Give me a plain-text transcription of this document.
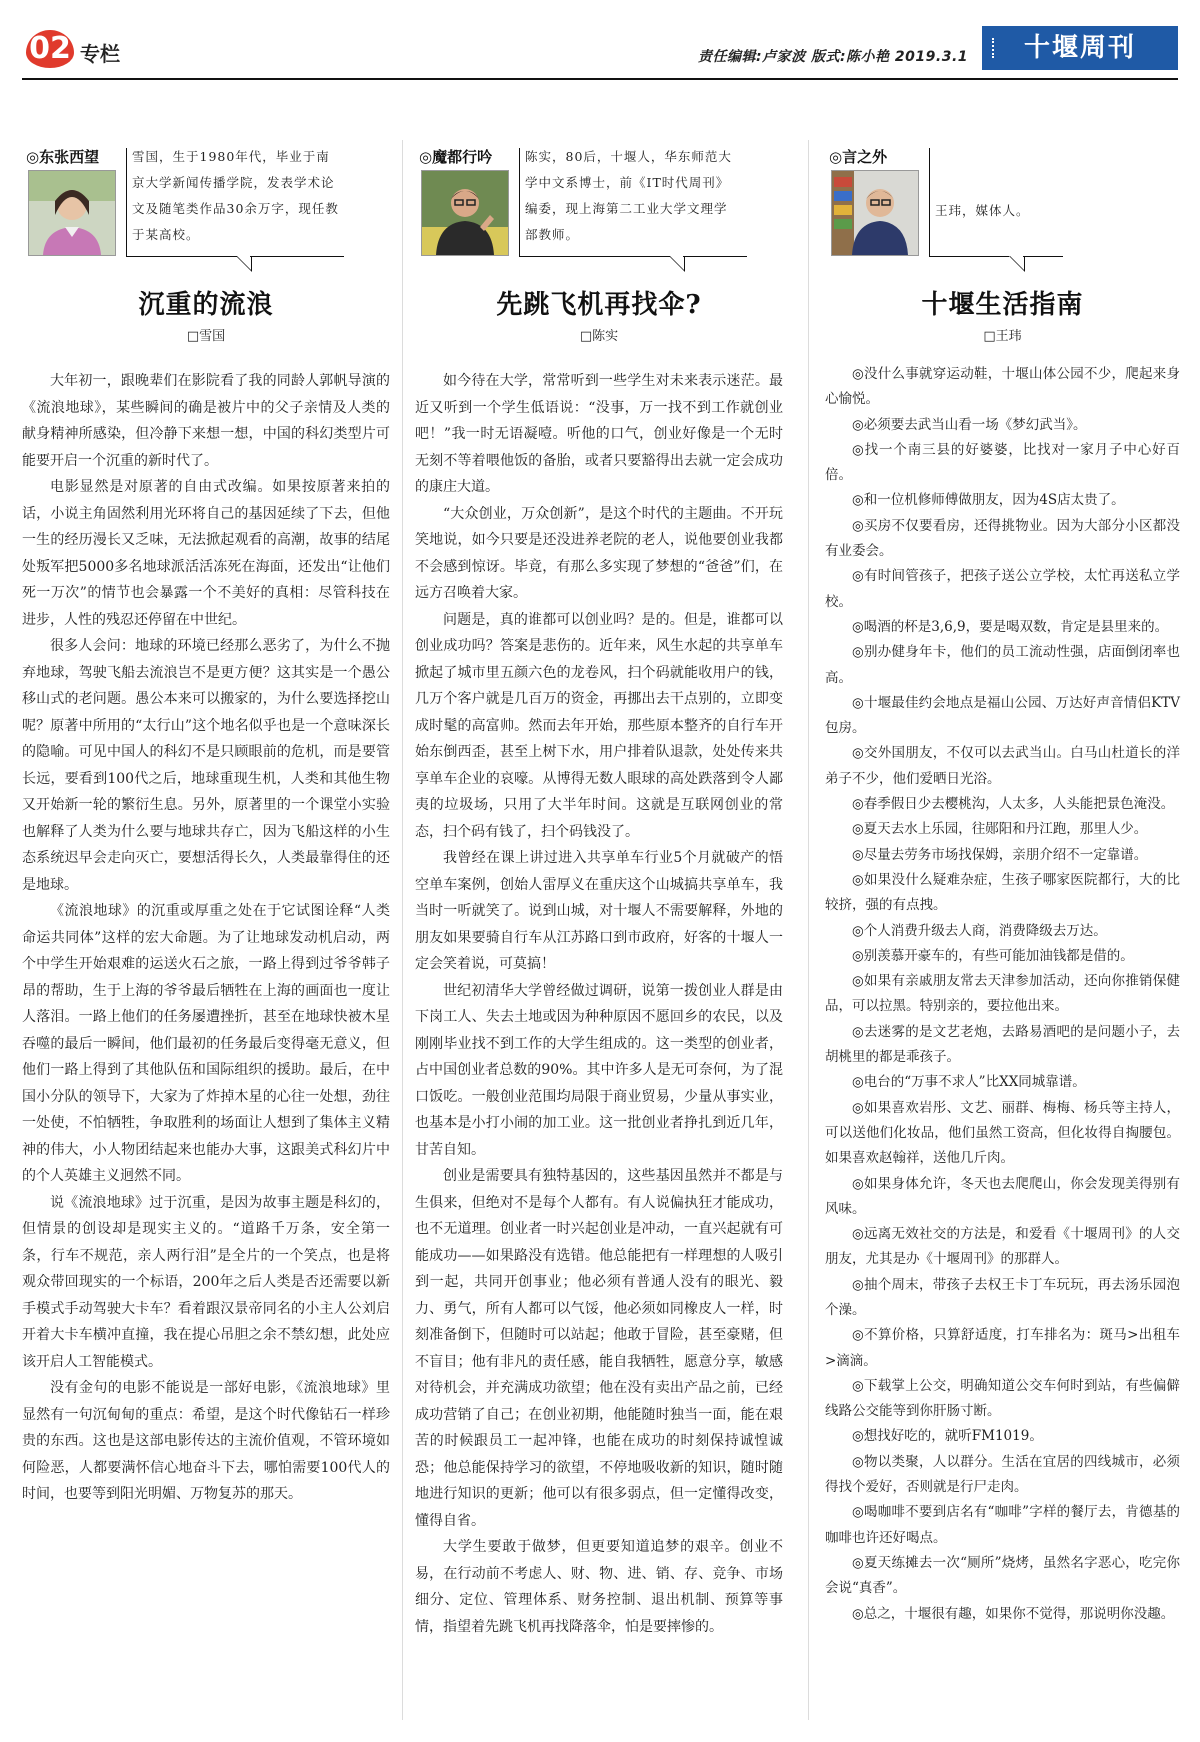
02 专栏	责任编辑:卢家波 版式:陈小艳 2019.3.1	十堰周刊
◎东张西望	雪国，生于1980年代，毕业于南京大学新闻传播学院，发表学术论文及随笔类作品30余万字，现任教于某高校。
沉重的流浪
□雪国

大年初一，跟晚辈们在影院看了我的同龄人郭帆导演的《流浪地球》，某些瞬间的确是被片中的父子亲情及人类的献身精神所感染，但冷静下来想一想，中国的科幻类型片可能要开启一个沉重的新时代了。

电影显然是对原著的自由式改编。如果按原著来拍的话，小说主角固然利用光环将自己的基因延续了下去，但他一生的经历漫长又乏味，无法掀起观看的高潮，故事的结尾处叛军把5000多名地球派活活冻死在海面，还发出“让他们死一万次”的情节也会暴露一个不美好的真相：尽管科技在进步，人性的残忍还停留在中世纪。

很多人会问：地球的环境已经那么恶劣了，为什么不抛弃地球，驾驶飞船去流浪岂不是更方便？这其实是一个愚公移山式的老问题。愚公本来可以搬家的，为什么要选择挖山呢？原著中所用的“太行山”这个地名似乎也是一个意味深长的隐喻。可见中国人的科幻不是只顾眼前的危机，而是要管长远，要看到100代之后，地球重现生机，人类和其他生物又开始新一轮的繁衍生息。另外，原著里的一个课堂小实验也解释了人类为什么要与地球共存亡，因为飞船这样的小生态系统迟早会走向灭亡，要想活得长久，人类最靠得住的还是地球。

《流浪地球》的沉重或厚重之处在于它试图诠释“人类命运共同体”这样的宏大命题。为了让地球发动机启动，两个中学生开始艰难的运送火石之旅，一路上得到过爷爷韩子昂的帮助，生于上海的爷爷最后牺牲在上海的画面也一度让人落泪。一路上他们的任务屡遭挫折，甚至在地球快被木星吞噬的最后一瞬间，他们最初的任务最后变得毫无意义，但他们一路上得到了其他队伍和国际组织的援助。最后，在中国小分队的领导下，大家为了炸掉木星的心往一处想，劲往一处使，不怕牺牲，争取胜利的场面让人想到了集体主义精神的伟大，小人物团结起来也能办大事，这跟美式科幻片中的个人英雄主义迥然不同。

说《流浪地球》过于沉重，是因为故事主题是科幻的，但情景的创设却是现实主义的。“道路千万条，安全第一条，行车不规范，亲人两行泪”是全片的一个笑点，也是将观众带回现实的一个标语，200年之后人类是否还需要以新手模式手动驾驶大卡车？看着跟汉景帝同名的小主人公刘启开着大卡车横冲直撞，我在提心吊胆之余不禁幻想，此处应该开启人工智能模式。

没有金句的电影不能说是一部好电影，《流浪地球》里显然有一句沉甸甸的重点：希望，是这个时代像钻石一样珍贵的东西。这也是这部电影传达的主流价值观，不管环境如何险恶，人都要满怀信心地奋斗下去，哪怕需要100代人的时间，也要等到阳光明媚、万物复苏的那天。

◎魔都行吟	陈实，80后，十堰人，华东师范大学中文系博士，前《IT时代周刊》编委，现上海第二工业大学文理学部教师。
先跳飞机再找伞?
□陈实

如今待在大学，常常听到一些学生对未来表示迷茫。最近又听到一个学生低语说：“没事，万一找不到工作就创业吧！”我一时无语凝噎。听他的口气，创业好像是一个无时无刻不等着喂他饭的备胎，或者只要豁得出去就一定会成功的康庄大道。

“大众创业，万众创新”，是这个时代的主题曲。不开玩笑地说，如今只要是还没进养老院的老人，说他要创业我都不会感到惊讶。毕竟，有那么多实现了梦想的“爸爸”们，在远方召唤着大家。

问题是，真的谁都可以创业吗？是的。但是，谁都可以创业成功吗？答案是悲伤的。近年来，风生水起的共享单车掀起了城市里五颜六色的龙卷风，扫个码就能收用户的钱，几万个客户就是几百万的资金，再挪出去干点别的，立即变成时髦的高富帅。然而去年开始，那些原本整齐的自行车开始东倒西歪，甚至上树下水，用户排着队退款，处处传来共享单车企业的哀嚎。从博得无数人眼球的高处跌落到令人鄙夷的垃圾场，只用了大半年时间。这就是互联网创业的常态，扫个码有钱了，扫个码钱没了。

我曾经在课上讲过进入共享单车行业5个月就破产的悟空单车案例，创始人雷厚义在重庆这个山城搞共享单车，我当时一听就笑了。说到山城，对十堰人不需要解释，外地的朋友如果要骑自行车从江苏路口到市政府，好客的十堰人一定会笑着说，可莫搞！

世纪初清华大学曾经做过调研，说第一拨创业人群是由下岗工人、失去土地或因为种种原因不愿回乡的农民，以及刚刚毕业找不到工作的大学生组成的。这一类型的创业者，占中国创业者总数的90%。其中许多人是无可奈何，为了混口饭吃。一般创业范围均局限于商业贸易，少量从事实业，也基本是小打小闹的加工业。这一批创业者挣扎到近几年，甘苦自知。

创业是需要具有独特基因的，这些基因虽然并不都是与生俱来，但绝对不是每个人都有。有人说偏执狂才能成功，也不无道理。创业者一时兴起创业是冲动，一直兴起就有可能成功——如果路没有选错。他总能把有一样理想的人吸引到一起，共同开创事业；他必须有普通人没有的眼光、毅力、勇气，所有人都可以气馁，他必须如同橡皮人一样，时刻准备倒下，但随时可以站起；他敢于冒险，甚至豪赌，但不盲目；他有非凡的责任感，能自我牺牲，愿意分享，敏感对待机会，并充满成功欲望；他在没有卖出产品之前，已经成功营销了自己；在创业初期，他能随时独当一面，能在艰苦的时候跟员工一起冲锋，也能在成功的时刻保持诚惶诚恐；他总能保持学习的欲望，不停地吸收新的知识，随时随地进行知识的更新；他可以有很多弱点，但一定懂得改变，懂得自省。

大学生要敢于做梦，但更要知道追梦的艰辛。创业不易，在行动前不考虑人、财、物、进、销、存、竞争、市场细分、定位、管理体系、财务控制、退出机制、预算等事情，指望着先跳飞机再找降落伞，怕是要摔惨的。

◎言之外
王玮，媒体人。
十堰生活指南
□王玮

◎没什么事就穿运动鞋，十堰山体公园不少，爬起来身心愉悦。

◎必须要去武当山看一场《梦幻武当》。

◎找一个南三县的好婆婆，比找对一家月子中心好百倍。

◎和一位机修师傅做朋友，因为4S店太贵了。

◎买房不仅要看房，还得挑物业。因为大部分小区都没有业委会。

◎有时间管孩子，把孩子送公立学校，太忙再送私立学校。

◎喝酒的杯是3,6,9，要是喝双数，肯定是县里来的。

◎别办健身年卡，他们的员工流动性强，店面倒闭率也高。

◎十堰最佳约会地点是福山公园、万达好声音情侣KTV包房。

◎交外国朋友，不仅可以去武当山。白马山杜道长的洋弟子不少，他们爱晒日光浴。

◎春季假日少去樱桃沟，人太多，人头能把景色淹没。

◎夏天去水上乐园，往郧阳和丹江跑，那里人少。

◎尽量去劳务市场找保姆，亲朋介绍不一定靠谱。

◎如果没什么疑难杂症，生孩子哪家医院都行，大的比较挤，强的有点拽。

◎个人消费升级去人商，消费降级去万达。

◎别羡慕开豪车的，有些可能加油钱都是借的。

◎如果有亲戚朋友常去天津参加活动，还向你推销保健品，可以拉黑。特别亲的，要拉他出来。

◎去迷雾的是文艺老炮，去路易酒吧的是问题小子，去胡桃里的都是乖孩子。

◎电台的“万事不求人”比XX同城靠谱。

◎如果喜欢岩彤、文艺、丽群、梅梅、杨兵等主持人，可以送他们化妆品，他们虽然工资高，但化妆得自掏腰包。如果喜欢赵翰祥，送他几斤肉。

◎如果身体允许，冬天也去爬爬山，你会发现美得别有风味。

◎远离无效社交的方法是，和爱看《十堰周刊》的人交朋友，尤其是办《十堰周刊》的那群人。

◎抽个周末，带孩子去权王卡丁车玩玩，再去汤乐园泡个澡。

◎不算价格，只算舒适度，打车排名为：斑马>出租车>滴滴。

◎下载掌上公交，明确知道公交车何时到站，有些偏僻线路公交能等到你肝肠寸断。

◎想找好吃的，就听FM1019。

◎物以类聚，人以群分。生活在宜居的四线城市，必须得找个爱好，否则就是行尸走肉。

◎喝咖啡不要到店名有“咖啡”字样的餐厅去，肯德基的咖啡也许还好喝点。

◎夏天练摊去一次“厕所”烧烤，虽然名字恶心，吃完你会说“真香”。

◎总之，十堰很有趣，如果你不觉得，那说明你没趣。
